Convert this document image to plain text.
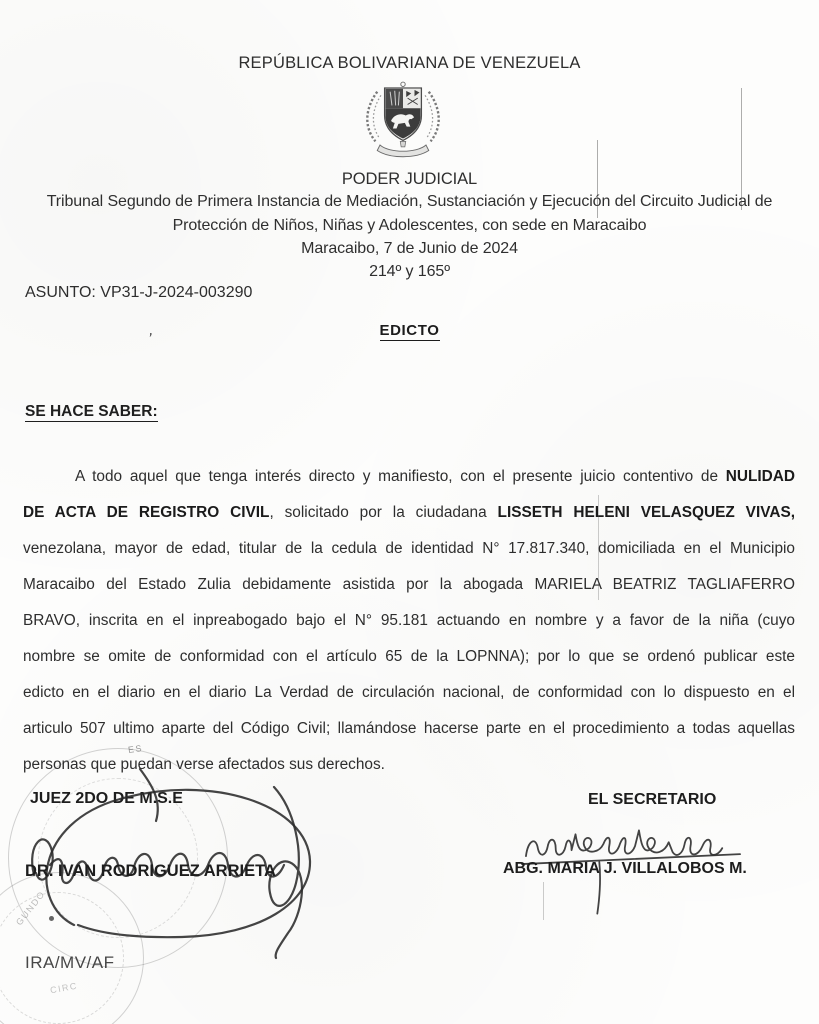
REPÚBLICA BOLIVARIANA DE VENEZUELA
PODER JUDICIAL
Tribunal Segundo de Primera Instancia de Mediación, Sustanciación y Ejecución del Circuito Judicial de
Protección de Niños, Niñas y Adolescentes, con sede en Maracaibo
Maracaibo, 7 de Junio de 2024
214º y 165º
ASUNTO: VP31-J-2024-003290
EDICTO
SE HACE SABER:
A todo aquel que tenga interés directo y manifiesto, con el presente juicio contentivo de NULIDAD
DE ACTA DE REGISTRO CIVIL, solicitado por la ciudadana LISSETH HELENI VELASQUEZ VIVAS,
venezolana, mayor de edad, titular de la cedula de identidad N° 17.817.340, domiciliada en el Municipio
Maracaibo del Estado Zulia debidamente asistida por la abogada MARIELA BEATRIZ TAGLIAFERRO
BRAVO, inscrita en el inpreabogado bajo el N° 95.181 actuando en nombre y a favor de la niña (cuyo
nombre se omite de conformidad con el artículo 65 de la LOPNNA); por lo que se ordenó publicar este
edicto en el diario en el diario La Verdad de circulación nacional, de conformidad con lo dispuesto en el
articulo 507 ultimo aparte del Código Civil; llamándose hacerse parte en el procedimiento a todas aquellas
personas que puedan verse afectados sus derechos.
JUEZ 2DO DE M.S.E	EL SECRETARIO
DR. IVAN RODRIGUEZ ARRIETA	ABG. MARIA J. VILLALOBOS M.
IRA/MV/AF
ʼ
ES
GUNDO
CIRC
